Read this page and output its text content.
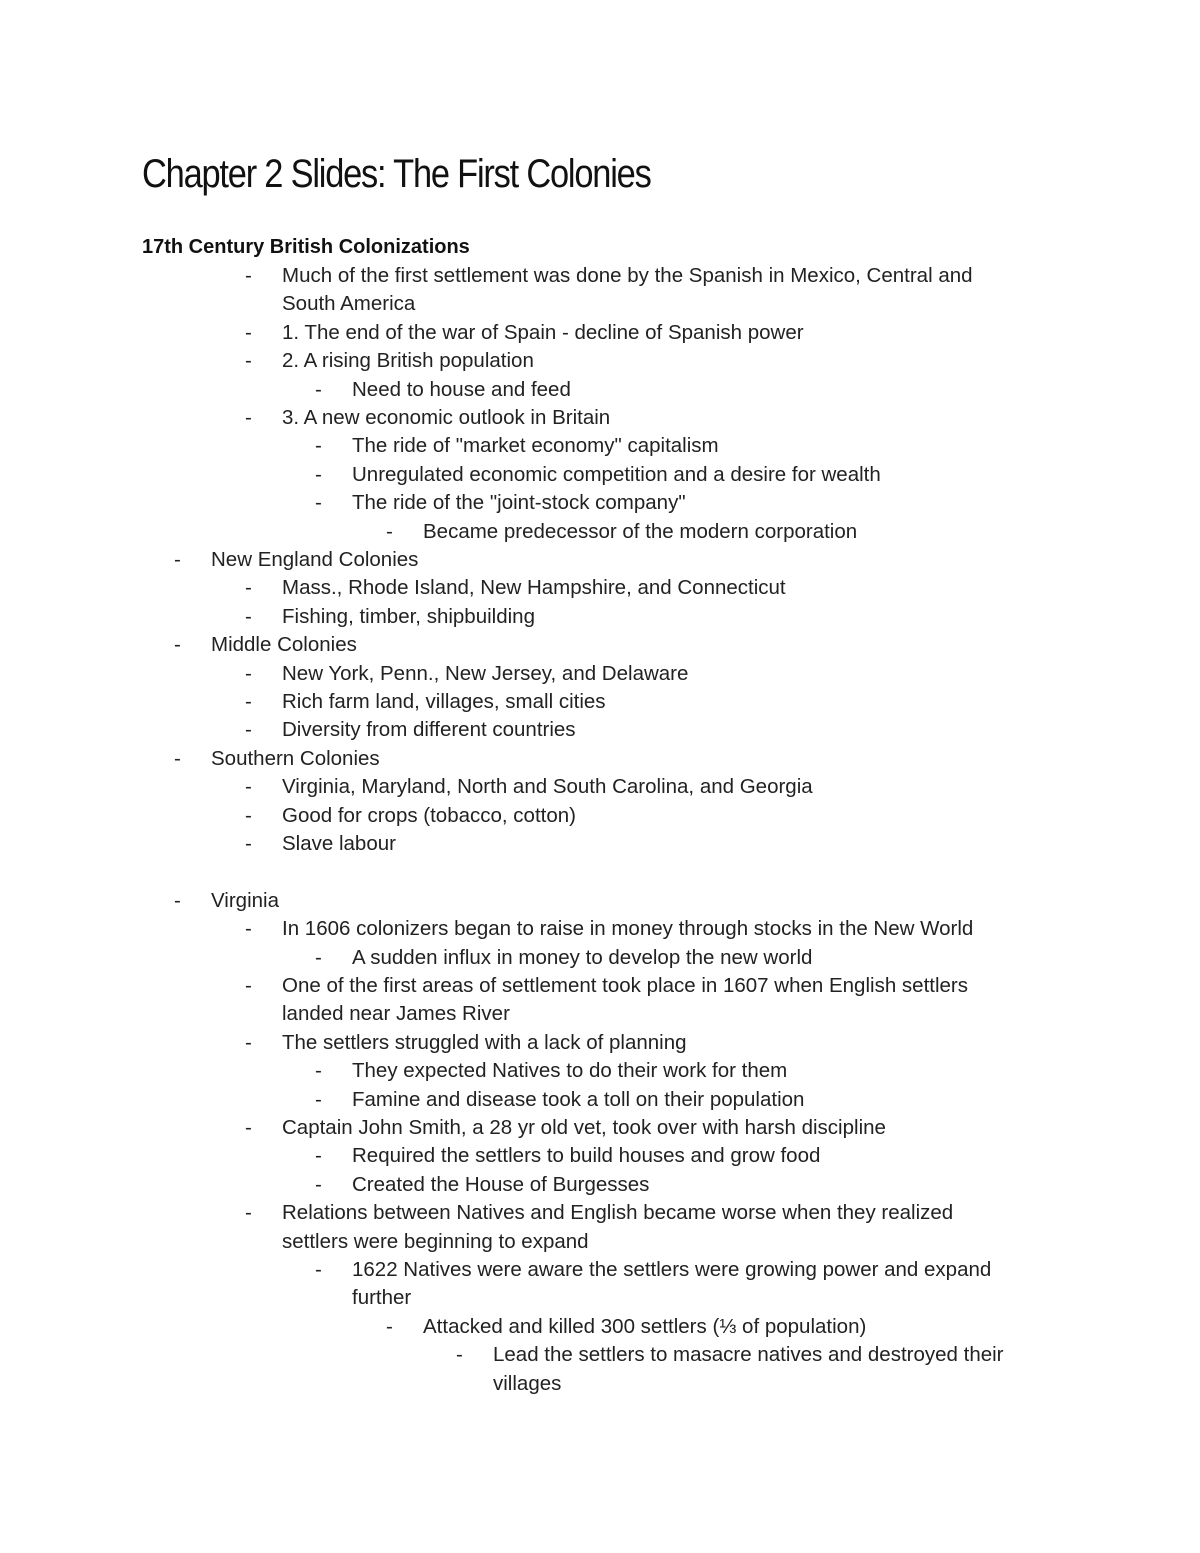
Chapter 2 Slides: The First Colonies
17th Century British Colonizations
- Much of the first settlement was done by the Spanish in Mexico, Central and
South America
- 1. The end of the war of Spain - decline of Spanish power
- 2. A rising British population
- Need to house and feed
- 3. A new economic outlook in Britain
- The ride of "market economy" capitalism
- Unregulated economic competition and a desire for wealth
- The ride of the "joint-stock company"
- Became predecessor of the modern corporation
- New England Colonies
- Mass., Rhode Island, New Hampshire, and Connecticut
- Fishing, timber, shipbuilding
- Middle Colonies
- New York, Penn., New Jersey, and Delaware
- Rich farm land, villages, small cities
- Diversity from different countries
- Southern Colonies
- Virginia, Maryland, North and South Carolina, and Georgia
- Good for crops (tobacco, cotton)
- Slave labour
- Virginia
- In 1606 colonizers began to raise in money through stocks in the New World
- A sudden influx in money to develop the new world
- One of the first areas of settlement took place in 1607 when English settlers
landed near James River
- The settlers struggled with a lack of planning
- They expected Natives to do their work for them
- Famine and disease took a toll on their population
- Captain John Smith, a 28 yr old vet, took over with harsh discipline
- Required the settlers to build houses and grow food
- Created the House of Burgesses
- Relations between Natives and English became worse when they realized
settlers were beginning to expand
- 1622 Natives were aware the settlers were growing power and expand
further
- Attacked and killed 300 settlers (⅓ of population)
- Lead the settlers to masacre natives and destroyed their
villages
